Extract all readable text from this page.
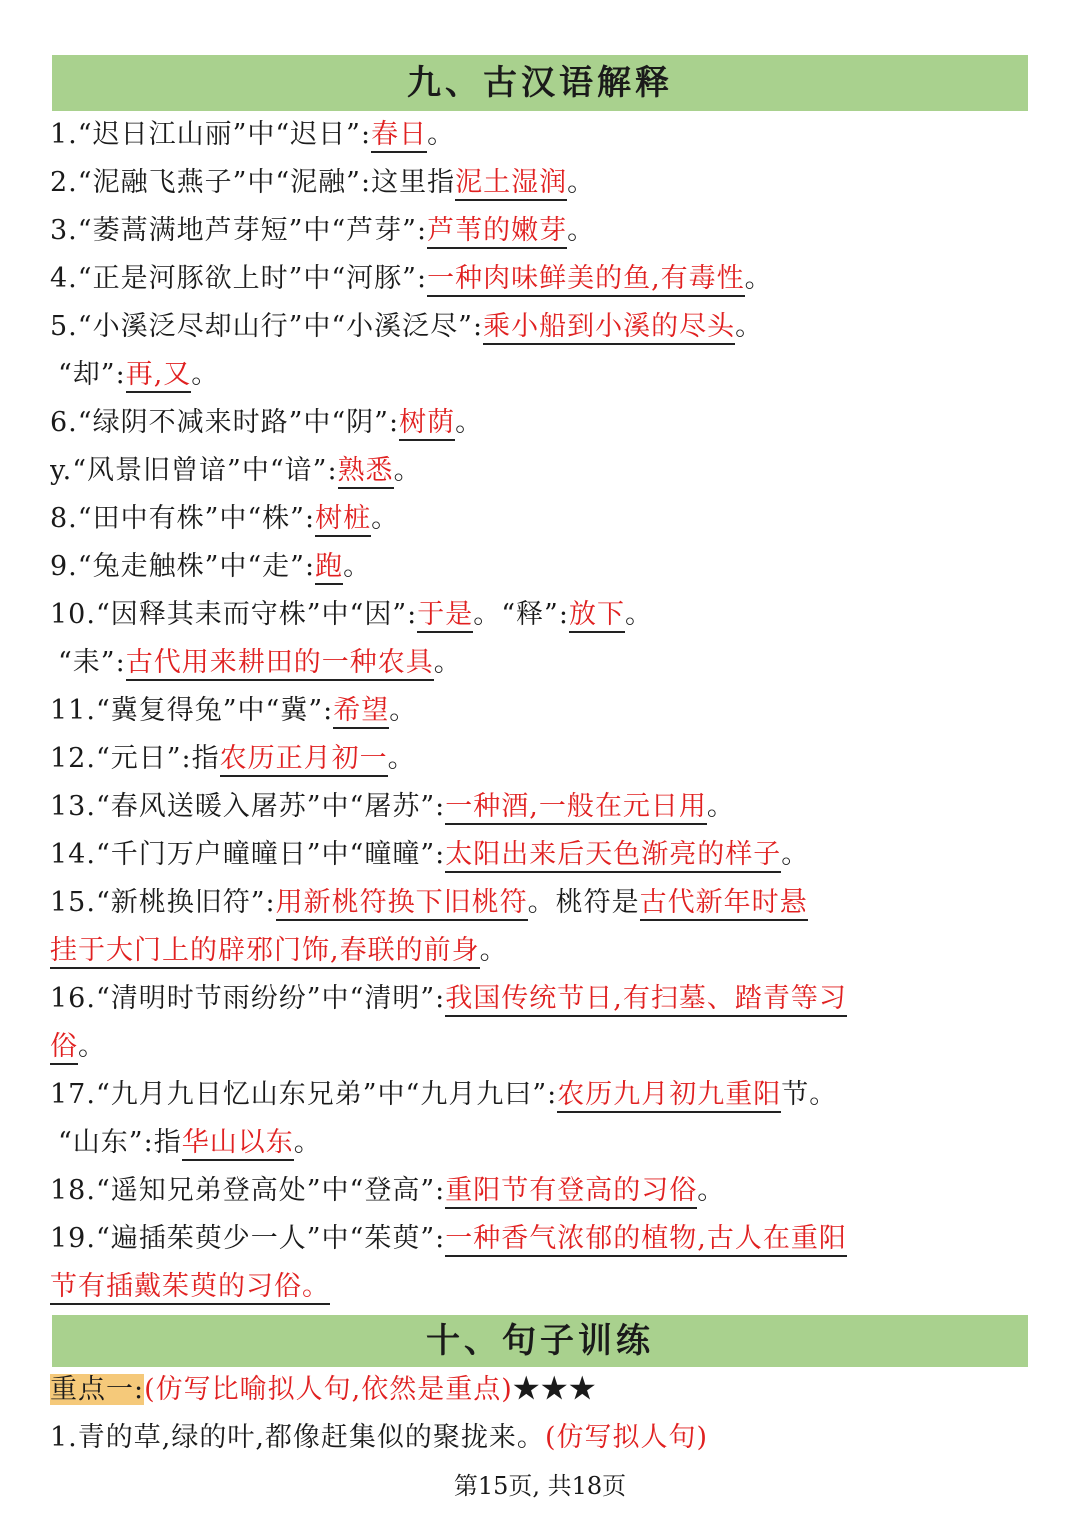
九、古汉语解释
1.“迟日江山丽”中“迟日”:春日。
2.“泥融飞燕子”中“泥融”:这里指泥土湿润。
3.“萎蒿满地芦芽短”中“芦芽”:芦苇的嫩芽。
4.“正是河豚欲上时”中“河豚”:一种肉味鲜美的鱼,有毒性。
5.“小溪泛尽却山行”中“小溪泛尽”:乘小船到小溪的尽头。
“却”:再,又。
6.“绿阴不减来时路”中“阴”:树荫。
y.“风景旧曾谙”中“谙”:熟悉。
8.“田中有株”中“株”:树桩。
9.“兔走触株”中“走”:跑。
10.“因释其耒而守株”中“因”:于是。“释”:放下。
“耒”:古代用来耕田的一种农具。
11.“冀复得兔”中“冀”:希望。
12.“元日”:指农历正月初一。
13.“春风送暖入屠苏”中“屠苏”:一种酒,一般在元日用。
14.“千门万户曈曈日”中“曈曈”:太阳出来后天色渐亮的样子。
15.“新桃换旧符”:用新桃符换下旧桃符。桃符是古代新年时悬
挂于大门上的辟邪门饰,春联的前身。
16.“清明时节雨纷纷”中“清明”:我国传统节日,有扫墓、踏青等习
俗。
17.“九月九日忆山东兄弟”中“九月九曰”:农历九月初九重阳节。
“山东”:指华山以东。
18.“遥知兄弟登高处”中“登高”:重阳节有登高的习俗。
19.“遍插茱萸少一人”中“茱萸”:一种香气浓郁的植物,古人在重阳
节有插戴茱萸的习俗。
十、句子训练
重点一:(仿写比喻拟人句,依然是重点)★★★
1.青的草,绿的叶,都像赶集似的聚拢来。(仿写拟人句)
第15页, 共18页
